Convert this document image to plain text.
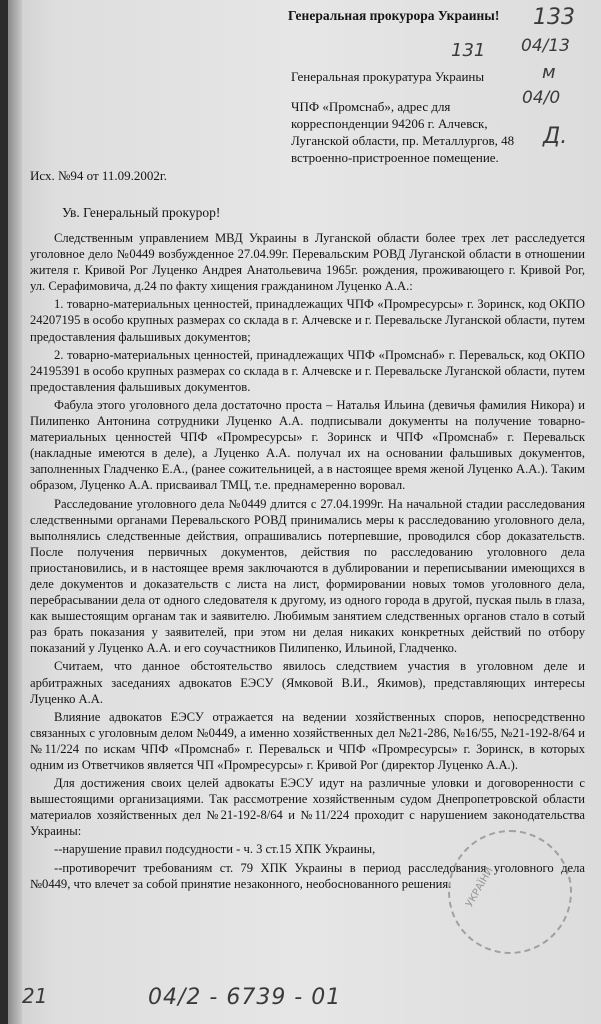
Генеральная прокурора Украины! 133
131 04/13
м
04/0
Д.
Генеральная прокуратура Украины
ЧПФ «Промснаб», адрес для корреспонденции 94206 г. Алчевск, Луганской области, пр. Металлургов, 48 встроенно-пристроенное помещение.
Исх. №94 от 11.09.2002г.
Ув. Генеральный прокурор!

Следственным управлением МВД Украины в Луганской области более трех лет расследуется уголовное дело №0449 возбужденное 27.04.99г. Перевальским РОВД Луганской области в отношении жителя г. Кривой Рог Луценко Андрея Анатольевича 1965г. рождения, проживающего г. Кривой Рог, ул. Серафимовича, д.24 по факту хищения гражданином Луценко А.А.:

1. товарно-материальных ценностей, принадлежащих ЧПФ «Промресурсы» г. Зоринск, код ОКПО 24207195 в особо крупных размерах со склада в г. Алчевске и г. Перевальске Луганской области, путем предоставления фальшивых документов;

2. товарно-материальных ценностей, принадлежащих ЧПФ «Промснаб» г. Перевальск, код ОКПО 24195391 в особо крупных размерах со склада в г. Алчевске и г. Перевальске Луганской области, путем предоставления фальшивых документов.

Фабула этого уголовного дела достаточно проста – Наталья Ильина (девичья фамилия Никора) и Пилипенко Антонина сотрудники Луценко А.А. подписывали документы на получение товарно-материальных ценностей ЧПФ «Промресурсы» г. Зоринск и ЧПФ «Промснаб» г. Перевальск (накладные имеются в деле), а Луценко А.А. получал их на основании фальшивых документов, заполненных Гладченко Е.А., (ранее сожительницей, а в настоящее время женой Луценко А.А.). Таким образом, Луценко А.А. присваивал ТМЦ, т.е. преднамеренно воровал.

Расследование уголовного дела №0449 длится с 27.04.1999г. На начальной стадии расследования следственными органами Перевальского РОВД принимались меры к расследованию уголовного дела, выполнялись следственные действия, опрашивались потерпевшие, проводился сбор доказательств. После получения первичных документов, действия по расследованию уголовного дела приостановились, и в настоящее время заключаются в дублировании и переписывании имеющихся в деле документов и доказательств с листа на лист, формировании новых томов уголовного дела, перебрасывании дела от одного следователя к другому, из одного города в другой, пуская пыль в глаза, как вышестоящим органам так и заявителю. Любимым занятием следственных органов стало в сотый раз брать показания у заявителей, при этом ни делая никаких конкретных действий по отбору показаний у Луценко А.А. и его соучастников Пилипенко, Ильиной, Гладченко.

Считаем, что данное обстоятельство явилось следствием участия в уголовном деле и арбитражных заседаниях адвокатов ЕЭСУ (Ямковой В.И., Якимов), представляющих интересы Луценко А.А.

Влияние адвокатов ЕЭСУ отражается на ведении хозяйственных споров, непосредственно связанных с уголовным делом №0449, а именно хозяйственных дел №21-286, №16/55, №21-192-8/64 и №11/224 по искам ЧПФ «Промснаб» г. Перевальск и ЧПФ «Промресурсы» г. Зоринск, в которых одним из Ответчиков является ЧП «Промресурсы» г. Кривой Рог (директор Луценко А.А.).

Для достижения своих целей адвокаты ЕЭСУ идут на различные уловки и договоренности с вышестоящими организациями. Так рассмотрение хозяйственным судом Днепропетровской области материалов хозяйственных дел №21-192-8/64 и №11/224 проходит с нарушением законодательства Украины:

--нарушение правил подсудности - ч. 3 ст.15 ХПК Украины,

--противоречит требованиям ст. 79 ХПК Украины в период расследования уголовного дела №0449, что влечет за собой принятие незаконного, необоснованного решения.	УКРАЇНИ
21	04/2 - 6739 - 01
